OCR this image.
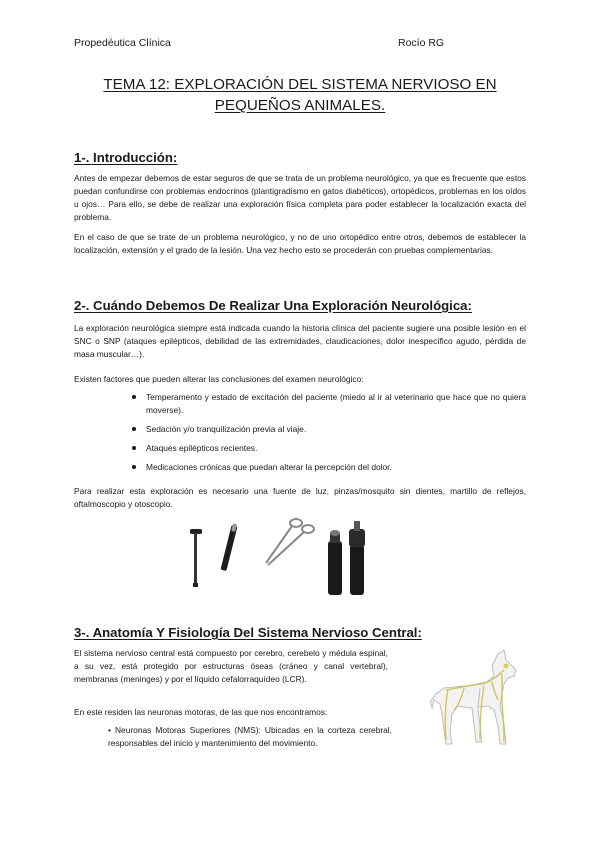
Propedéutica Clínica	Rocío RG
TEMA 12: EXPLORACIÓN DEL SISTEMA NERVIOSO EN
PEQUEÑOS ANIMALES.
1-. Introducción:

Antes de empezar debemos de estar seguros de que se trata de un problema neurológico, ya que es frecuente que estos puedan confundirse con problemas endocrinos (plantigradismo en gatos diabéticos), ortopédicos, problemas en los oídos u ojos… Para ello, se debe de realizar una exploración física completa para poder establecer la localización exacta del problema.

En el caso de que se trate de un problema neurológico, y no de uno ortopédico entre otros, debemos de establecer la localización, extensión y el grado de la lesión. Una vez hecho esto se procederán con pruebas complementarias.

2-. Cuándo Debemos De Realizar Una Exploración Neurológica:

La exploración neurológica siempre está indicada cuando la historia clínica del paciente sugiere una posible lesión en el SNC o SNP (ataques epilépticos, debilidad de las extremidades, claudicaciones, dolor inespecífico agudo, pérdida de masa muscular…).

Existen factores que pueden alterar las conclusiones del examen neurológico:

Temperamento y estado de excitación del paciente (miedo al ir al veterinario que hace que no quiera moverse).
Sedación y/o tranquilización previa al viaje.
Ataques epilépticos recientes.
Medicaciones crónicas que puedan alterar la percepción del dolor.

Para realizar esta exploración es necesario una fuente de luz, pinzas/mosquito sin dientes, martillo de reflejos, oftalmoscopio y otoscopio.

3-. Anatomía Y Fisiología Del Sistema Nervioso Central:

El sistema nervioso central está compuesto por cerebro, cerebelo y médula espinal, a su vez, está protegido por estructuras óseas (cráneo y canal vertebral), membranas (meninges) y por el líquido cefalorraquídeo (LCR).

En este residen las neuronas motoras, de las que nos encontramos:

• Neuronas Motoras Superiores (NMS): Ubicadas en la corteza cerebral, responsables del inicio y mantenimiento del movimiento.
